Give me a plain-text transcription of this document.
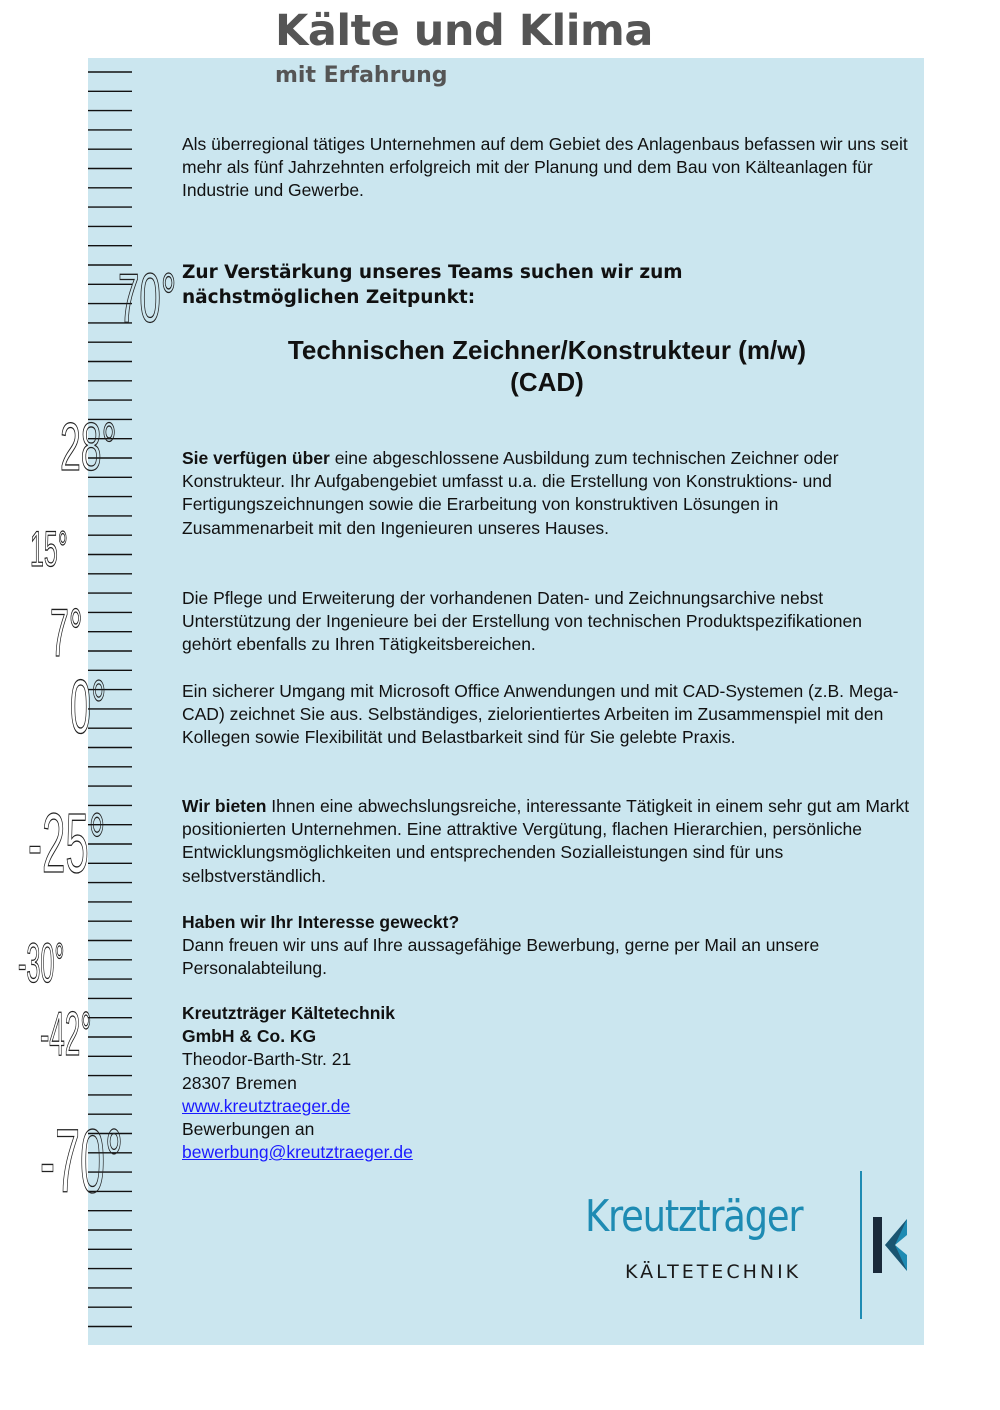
Kälte und Klima
mit Erfahrung
70°
28°
15°
7°
0°
-25°
-30°
-42°
-70°
Als überregional tätiges Unternehmen auf dem Gebiet des Anlagenbaus befassen wir uns seit mehr als fünf Jahrzehnten erfolgreich mit der Planung und dem Bau von Kälteanlagen für Industrie und Gewerbe.
Zur Verstärkung unseres Teams suchen wir zum
nächstmöglichen Zeitpunkt:
Technischen Zeichner/Konstrukteur (m/w)
(CAD)
Sie verfügen über eine abgeschlossene Ausbildung zum technischen Zeichner oder Konstrukteur. Ihr Aufgabengebiet umfasst u.a. die Erstellung von Konstruktions- und Fertigungszeichnungen sowie die Erarbeitung von konstruktiven Lösungen in Zusammenarbeit mit den Ingenieuren unseres Hauses.
Die Pflege und Erweiterung der vorhandenen Daten- und Zeichnungsarchive nebst Unterstützung der Ingenieure bei der Erstellung von technischen Produktspezifikationen gehört ebenfalls zu Ihren Tätigkeitsbereichen.
Ein sicherer Umgang mit Microsoft Office Anwendungen und mit CAD-Systemen (z.B. Mega-CAD) zeichnet Sie aus. Selbständiges, zielorientiertes Arbeiten im Zusammenspiel mit den Kollegen sowie Flexibilität und Belastbarkeit sind für Sie gelebte Praxis.
Wir bieten Ihnen eine abwechslungsreiche, interessante Tätigkeit in einem sehr gut am Markt positionierten Unternehmen. Eine attraktive Vergütung, flachen Hierarchien, persönliche Entwicklungsmöglichkeiten und entsprechenden Sozialleistungen sind für uns selbstverständlich.
Haben wir Ihr Interesse geweckt?
Dann freuen wir uns auf Ihre aussagefähige Bewerbung, gerne per Mail an unsere Personalabteilung.
Kreutzträger Kältetechnik
GmbH & Co. KG
Theodor-Barth-Str. 21
28307 Bremen
www.kreutztraeger.de
Bewerbungen an
bewerbung@kreutztraeger.de
Kreutzträger
KÄLTETECHNIK
